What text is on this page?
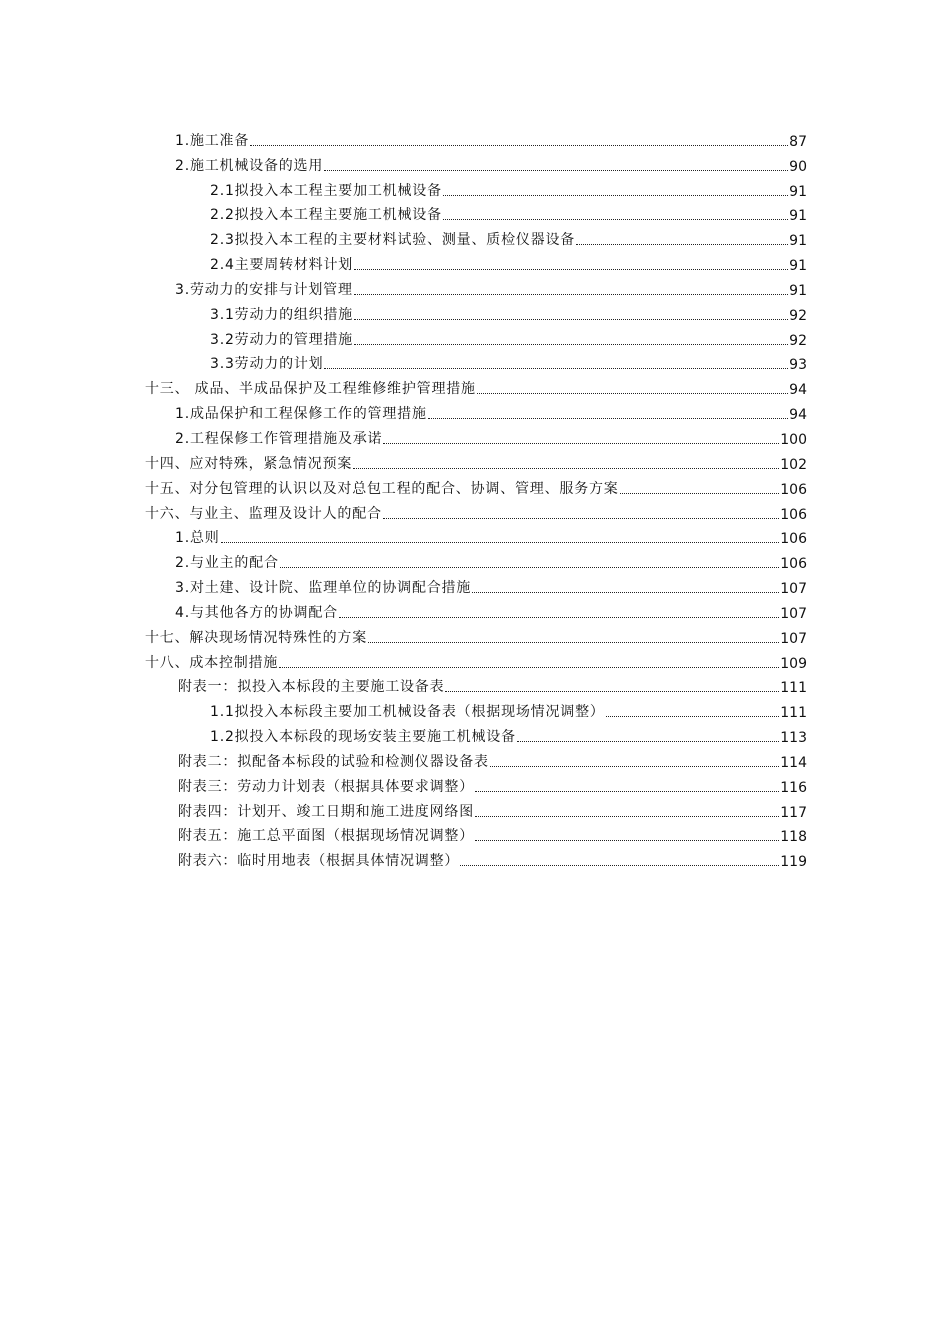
1.施工准备	87
2.施工机械设备的选用	90
2.1拟投入本工程主要加工机械设备	91
2.2拟投入本工程主要施工机械设备	91
2.3拟投入本工程的主要材料试验、测量、质检仪器设备	91
2.4主要周转材料计划	91
3.劳动力的安排与计划管理	91
3.1劳动力的组织措施	92
3.2劳动力的管理措施	92
3.3劳动力的计划	93
十三、 成品、半成品保护及工程维修维护管理措施	94
1.成品保护和工程保修工作的管理措施	94
2.工程保修工作管理措施及承诺	100
十四、应对特殊，紧急情况预案	102
十五、对分包管理的认识以及对总包工程的配合、协调、管理、服务方案	106
十六、与业主、监理及设计人的配合	106
1.总则	106
2.与业主的配合	106
3.对土建、设计院、监理单位的协调配合措施	107
4.与其他各方的协调配合	107
十七、解决现场情况特殊性的方案	107
十八、成本控制措施	109
附表一：拟投入本标段的主要施工设备表	111
1.1拟投入本标段主要加工机械设备表（根据现场情况调整）	111
1.2拟投入本标段的现场安装主要施工机械设备	113
附表二：拟配备本标段的试验和检测仪器设备表	114
附表三：劳动力计划表（根据具体要求调整）	116
附表四：计划开、竣工日期和施工进度网络图	117
附表五：施工总平面图（根据现场情况调整）	118
附表六：临时用地表（根据具体情况调整）	119
